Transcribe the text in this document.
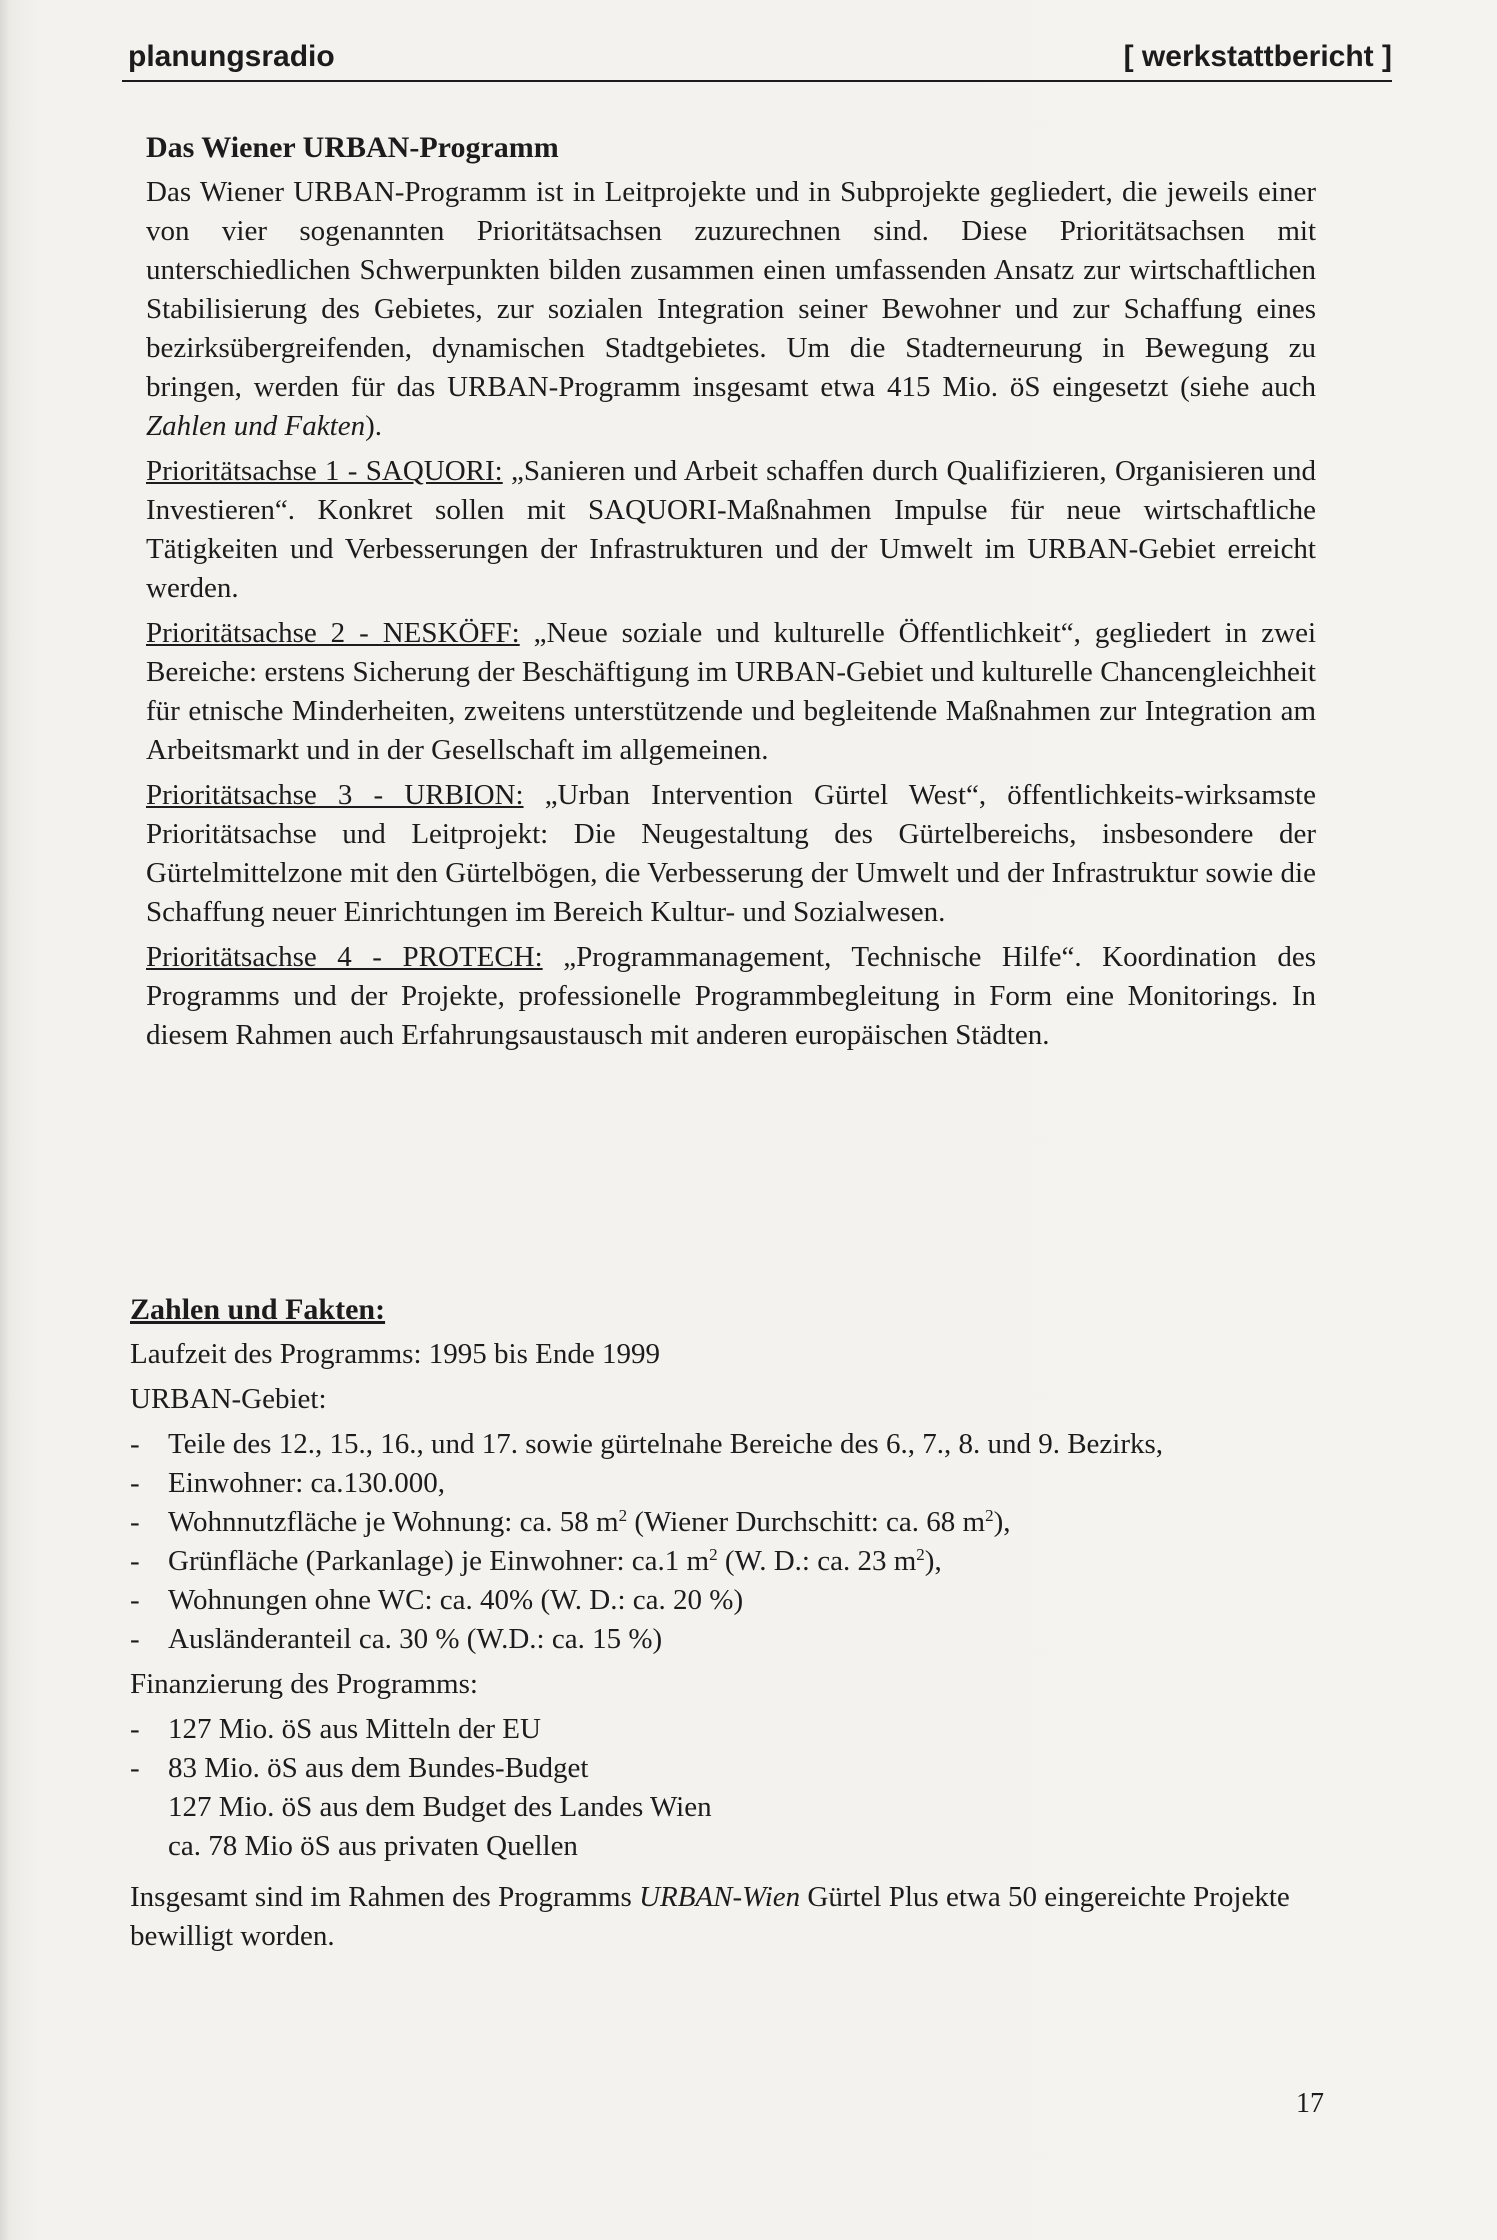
planungsradio	[ werkstattbericht ]
Das Wiener URBAN-Programm

Das Wiener URBAN-Programm ist in Leitprojekte und in Subprojekte gegliedert, die jeweils einer von vier sogenannten Prioritätsachsen zuzurechnen sind. Diese Prioritätsachsen mit unterschiedlichen Schwerpunkten bilden zusammen einen umfassenden Ansatz zur wirtschaftlichen Stabilisierung des Gebietes, zur sozialen Integration seiner Bewohner und zur Schaffung eines bezirksübergreifenden, dynamischen Stadtgebietes. Um die Stadterneurung in Bewegung zu bringen, werden für das URBAN-Programm insgesamt etwa 415 Mio. öS eingesetzt (siehe auch Zahlen und Fakten).

Prioritätsachse 1 - SAQUORI: „Sanieren und Arbeit schaffen durch Qualifizieren, Organisieren und Investieren“. Konkret sollen mit SAQUORI-Maßnahmen Impulse für neue wirtschaftliche Tätigkeiten und Verbesserungen der Infrastrukturen und der Umwelt im URBAN-Gebiet erreicht werden.

Prioritätsachse 2 - NESKÖFF: „Neue soziale und kulturelle Öffentlichkeit“, gegliedert in zwei Bereiche: erstens Sicherung der Beschäftigung im URBAN-Gebiet und kulturelle Chancengleichheit für etnische Minderheiten, zweitens unterstützende und begleitende Maßnahmen zur Integration am Arbeitsmarkt und in der Gesellschaft im allgemeinen.

Prioritätsachse 3 - URBION: „Urban Intervention Gürtel West“, öffentlichkeits-wirksamste Prioritätsachse und Leitprojekt: Die Neugestaltung des Gürtelbereichs, insbesondere der Gürtelmittelzone mit den Gürtelbögen, die Verbesserung der Umwelt und der Infrastruktur sowie die Schaffung neuer Einrichtungen im Bereich Kultur- und Sozialwesen.

Prioritätsachse 4 - PROTECH: „Programmanagement, Technische Hilfe“. Koordination des Programms und der Projekte, professionelle Programmbegleitung in Form eine Monitorings. In diesem Rahmen auch Erfahrungsaustausch mit anderen europäischen Städten.

Zahlen und Fakten:
Laufzeit des Programms: 1995 bis Ende 1999
URBAN-Gebiet:
- Teile des 12., 15., 16., und 17. sowie gürtelnahe Bereiche des 6., 7., 8. und 9. Bezirks,
- Einwohner: ca.130.000,
- Wohnnutzfläche je Wohnung: ca. 58 $m^2$ (Wiener Durchschitt: ca. 68 $m^2$),
- Grünfläche (Parkanlage) je Einwohner: ca.1 $m^2$ (W. D.: ca. 23 $m^2$),
- Wohnungen ohne WC: ca. 40% (W. D.: ca. 20 %)
- Ausländeranteil ca. 30 % (W.D.: ca. 15 %)
Finanzierung des Programms:
- 127 Mio. öS aus Mitteln der EU
- 83 Mio. öS aus dem Bundes-Budget
127 Mio. öS aus dem Budget des Landes Wien
ca. 78 Mio öS aus privaten Quellen

Insgesamt sind im Rahmen des Programms URBAN-Wien Gürtel Plus etwa 50 eingereichte Projekte bewilligt worden.

17
